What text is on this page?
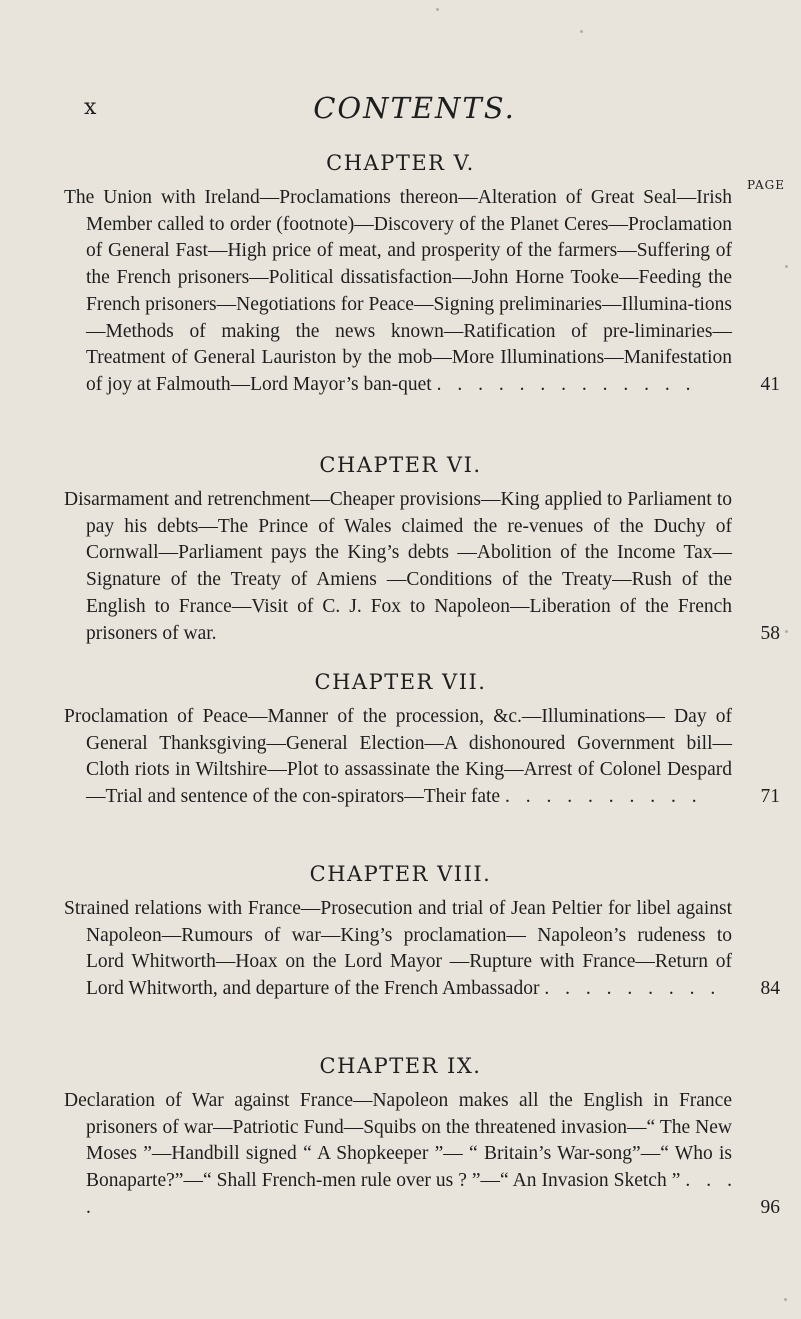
x	CONTENTS.
CHAPTER V.
PAGE

The Union with Ireland—Proclamations thereon—Alteration of Great Seal—Irish Member called to order (footnote)—Discovery of the Planet Ceres—Proclamation of General Fast—High price of meat, and prosperity of the farmers—Suffering of the French prisoners—Political dissatisfaction—John Horne Tooke—Feeding the French prisoners—Negotiations for Peace—Signing preliminaries—Illumina-tions—Methods of making the news known—Ratification of pre-liminaries—Treatment of General Lauriston by the mob—More Illuminations—Manifestation of joy at Falmouth—Lord Mayor’s ban-quet . . . . . . . . . . . . .	41
CHAPTER VI.

Disarmament and retrenchment—Cheaper provisions—King applied to Parliament to pay his debts—The Prince of Wales claimed the re-venues of the Duchy of Cornwall—Parliament pays the King’s debts —Abolition of the Income Tax—Signature of the Treaty of Amiens —Conditions of the Treaty—Rush of the English to France—Visit of C. J. Fox to Napoleon—Liberation of the French prisoners of war.	58
CHAPTER VII.

Proclamation of Peace—Manner of the procession, &c.—Illuminations— Day of General Thanksgiving—General Election—A dishonoured Government bill—Cloth riots in Wiltshire—Plot to assassinate the King—Arrest of Colonel Despard—Trial and sentence of the con-spirators—Their fate . . . . . . . . . .	71
CHAPTER VIII.

Strained relations with France—Prosecution and trial of Jean Peltier for libel against Napoleon—Rumours of war—King’s proclamation— Napoleon’s rudeness to Lord Whitworth—Hoax on the Lord Mayor —Rupture with France—Return of Lord Whitworth, and departure of the French Ambassador . . . . . . . . .	84
CHAPTER IX.

Declaration of War against France—Napoleon makes all the English in France prisoners of war—Patriotic Fund—Squibs on the threatened invasion—“ The New Moses ”—Handbill signed “ A Shopkeeper ”— “ Britain’s War-song”—“ Who is Bonaparte?”—“ Shall French-men rule over us ? ”—“ An Invasion Sketch ” . . . .	96
